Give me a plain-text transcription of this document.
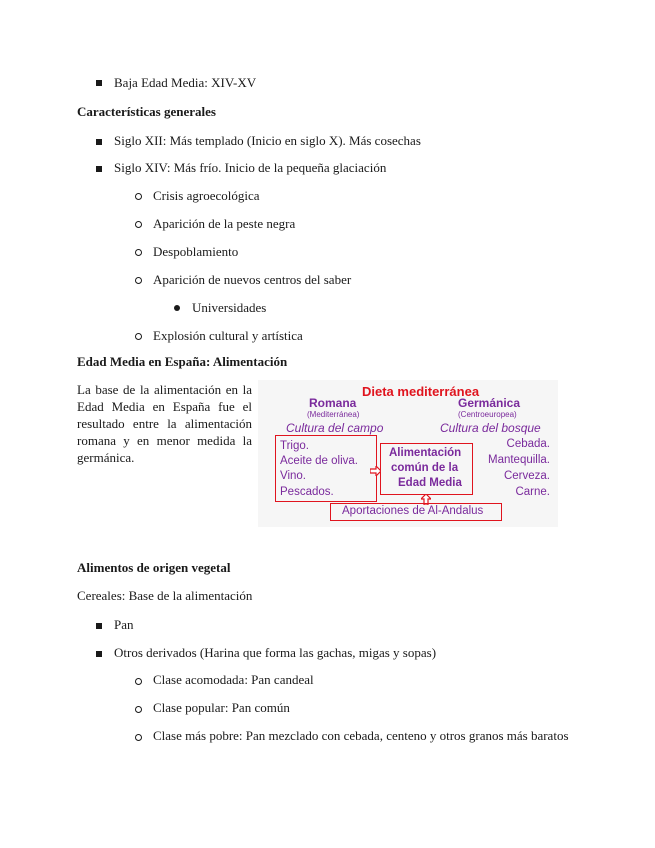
Baja Edad Media: XIV-XV
Características generales
Siglo XII: Más templado (Inicio en siglo X). Más cosechas
Siglo XIV: Más frío. Inicio de la pequeña glaciación
Crisis agroecológica
Aparición de la peste negra
Despoblamiento
Aparición de nuevos centros del saber
Universidades
Explosión cultural y artística
Edad Media en España: Alimentación
La base de la alimentación en la Edad Media en España fue el resultado entre la alimentación romana y en menor medida la germánica.
Dieta mediterránea
Romana
(Mediterránea)
Cultura del campo
Germánica
(Centroeuropea)
Cultura del bosque
Trigo.
Aceite de oliva.
Vino.
Pescados.
Cebada.
Mantequilla.
Cerveza.
Carne.
Alimentación
común de la
Edad Media
Aportaciones de Al-Andalus
Alimentos de origen vegetal
Cereales: Base de la alimentación
Pan
Otros derivados (Harina que forma las gachas, migas y sopas)
Clase acomodada: Pan candeal
Clase popular: Pan común
Clase más pobre: Pan mezclado con cebada, centeno y otros granos más baratos
